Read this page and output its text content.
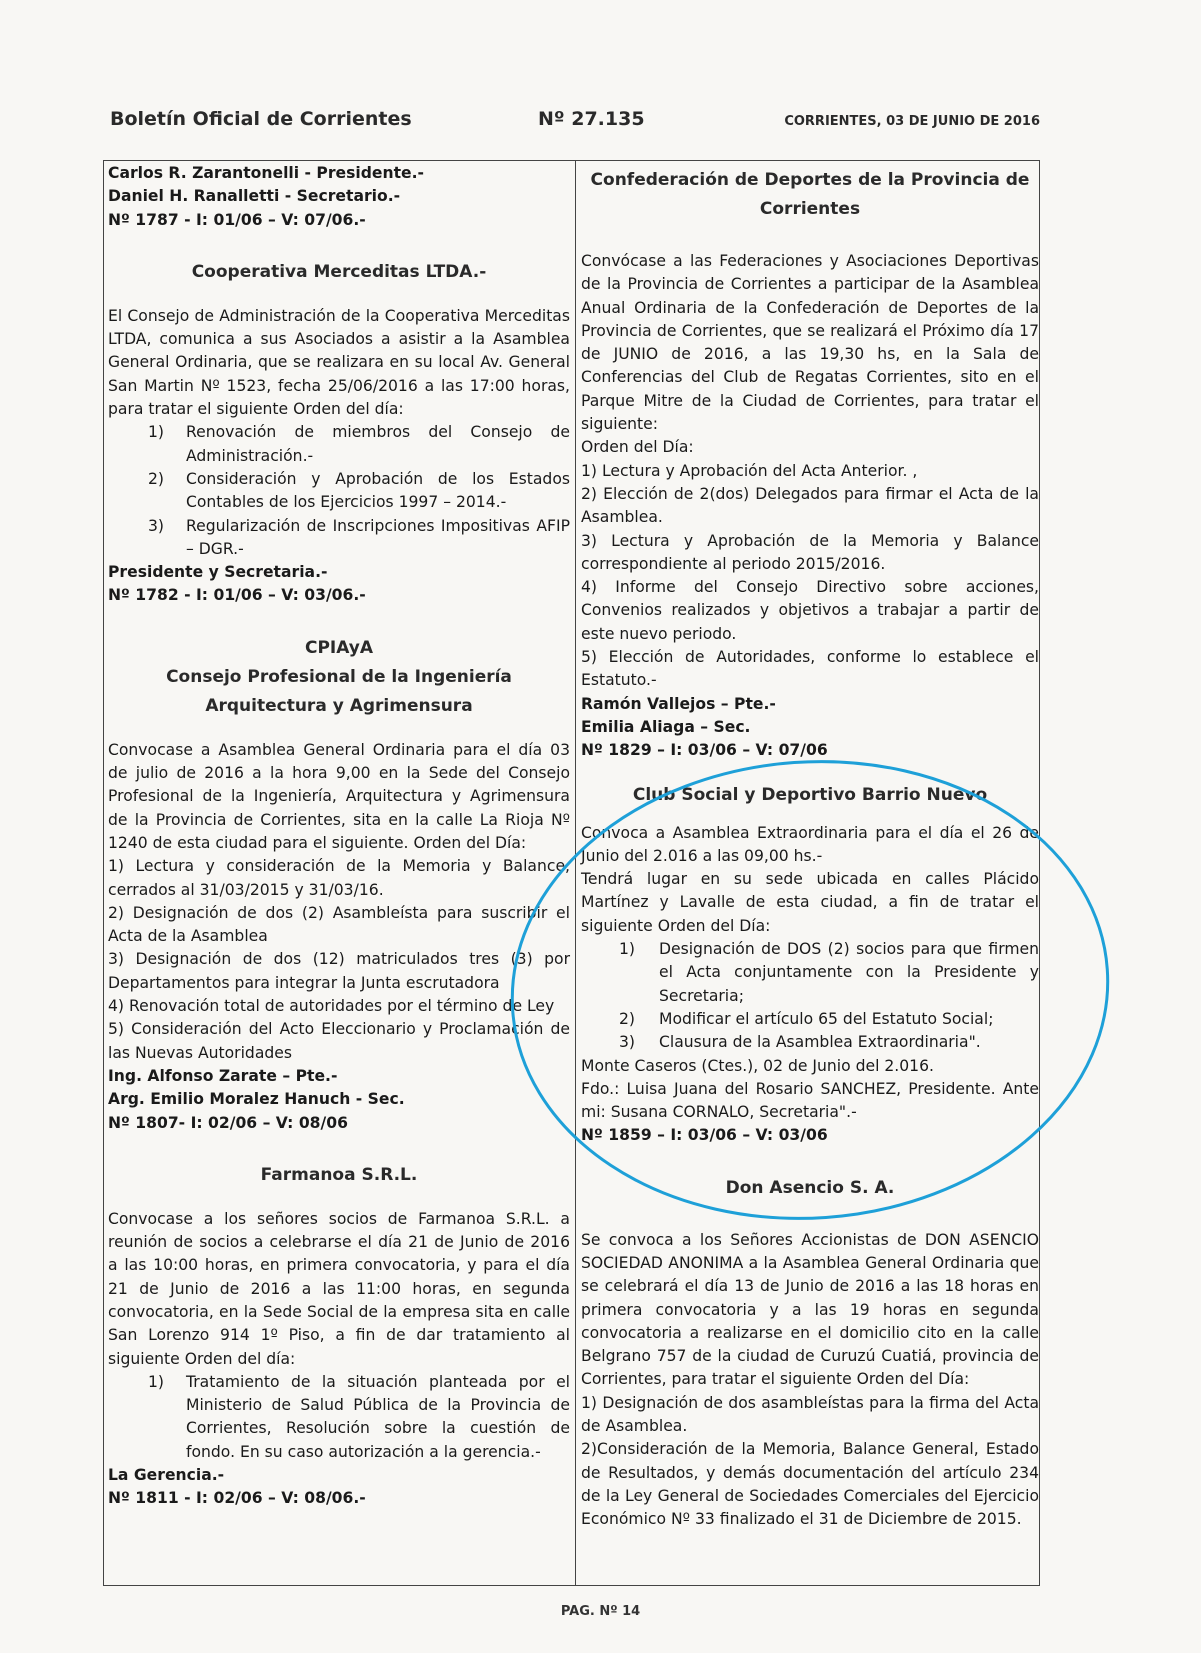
Boletín Oficial de Corrientes	Nº 27.135	CORRIENTES, 03 DE JUNIO DE 2016

Carlos R. Zarantonelli - Presidente.-

Daniel H. Ranalletti - Secretario.-

Nº 1787 - I: 01/06 – V: 07/06.-

Cooperativa Merceditas LTDA.-

El Consejo de Administración de la Cooperativa Merceditas LTDA, comunica a sus Asociados a asistir a la Asamblea General Ordinaria, que se realizara en su local Av. General San Martin Nº 1523, fecha 25/06/2016 a las 17:00 horas, para tratar el siguiente Orden del día:

1) Renovación de miembros del Consejo de Administración.-
2) Consideración y Aprobación de los Estados Contables de los Ejercicios 1997 – 2014.-
3) Regularización de Inscripciones Impositivas AFIP – DGR.-

Presidente y Secretaria.-

Nº 1782 - I: 01/06 – V: 03/06.-

CPIAyA

Consejo Profesional de la Ingeniería

Arquitectura y Agrimensura

Convocase a Asamblea General Ordinaria para el día 03 de julio de 2016 a la hora 9,00 en la Sede del Consejo Profesional de la Ingeniería, Arquitectura y Agrimensura de la Provincia de Corrientes, sita en la calle La Rioja Nº 1240 de esta ciudad para el siguiente. Orden del Día:

1) Lectura y consideración de la Memoria y Balance, cerrados al 31/03/2015 y 31/03/16.

2) Designación de dos (2) Asambleísta para suscribir el Acta de la Asamblea

3) Designación de dos (12) matriculados tres (3) por Departamentos para integrar la Junta escrutadora

4) Renovación total de autoridades por el término de Ley

5) Consideración del Acto Eleccionario y Proclamación de las Nuevas Autoridades

Ing. Alfonso Zarate – Pte.-

Arg. Emilio Moralez Hanuch - Sec.

Nº 1807- I: 02/06 – V: 08/06

Farmanoa S.R.L.

Convocase a los señores socios de Farmanoa S.R.L. a reunión de socios a celebrarse el día 21 de Junio de 2016 a las 10:00 horas, en primera convocatoria, y para el día 21 de Junio de 2016 a las 11:00 horas, en segunda convocatoria, en la Sede Social de la empresa sita en calle San Lorenzo 914 1º Piso, a fin de dar tratamiento al siguiente Orden del día:

1) Tratamiento de la situación planteada por el Ministerio de Salud Pública de la Provincia de Corrientes, Resolución sobre la cuestión de fondo. En su caso autorización a la gerencia.-

La Gerencia.-

Nº 1811 - I: 02/06 – V: 08/06.-

Confederación de Deportes de la Provincia de

Corrientes

Convócase a las Federaciones y Asociaciones Deportivas de la Provincia de Corrientes a participar de la Asamblea Anual Ordinaria de la Confederación de Deportes de la Provincia de Corrientes, que se realizará el Próximo día 17 de JUNIO de 2016, a las 19,30 hs, en la Sala de Conferencias del Club de Regatas Corrientes, sito en el Parque Mitre de la Ciudad de Corrientes, para tratar el siguiente:

Orden del Día:

1) Lectura y Aprobación del Acta Anterior. ,

2) Elección de 2(dos) Delegados para firmar el Acta de la Asamblea.

3) Lectura y Aprobación de la Memoria y Balance correspondiente al periodo 2015/2016.

4) Informe del Consejo Directivo sobre acciones, Convenios realizados y objetivos a trabajar a partir de este nuevo periodo.

5) Elección de Autoridades, conforme lo establece el Estatuto.-

Ramón Vallejos – Pte.-

Emilia Aliaga – Sec.

Nº 1829 – I: 03/06 – V: 07/06

Club Social y Deportivo Barrio Nuevo

Convoca a Asamblea Extraordinaria para el día el 26 de Junio del 2.016 a las 09,00 hs.-

Tendrá lugar en su sede ubicada en calles Plácido Martínez y Lavalle de esta ciudad, a fin de tratar el siguiente Orden del Día:

1) Designación de DOS (2) socios para que firmen el Acta conjuntamente con la Presidente y Secretaria;
2) Modificar el artículo 65 del Estatuto Social;
3) Clausura de la Asamblea Extraordinaria".

Monte Caseros (Ctes.), 02 de Junio del 2.016.

Fdo.: Luisa Juana del Rosario SANCHEZ, Presidente. Ante mi: Susana CORNALO, Secretaria".-

Nº 1859 – I: 03/06 – V: 03/06

Don Asencio S. A.

Se convoca a los Señores Accionistas de DON ASENCIO SOCIEDAD ANONIMA a la Asamblea General Ordinaria que se celebrará el día 13 de Junio de 2016 a las 18 horas en primera convocatoria y a las 19 horas en segunda convocatoria a realizarse en el domicilio cito en la calle Belgrano 757 de la ciudad de Curuzú Cuatiá, provincia de Corrientes, para tratar el siguiente Orden del Día:

1) Designación de dos asambleístas para la firma del Acta de Asamblea.

2)Consideración de la Memoria, Balance General, Estado de Resultados, y demás documentación del artículo 234 de la Ley General de Sociedades Comerciales del Ejercicio Económico Nº 33 finalizado el 31 de Diciembre de 2015.

PAG. Nº 14
